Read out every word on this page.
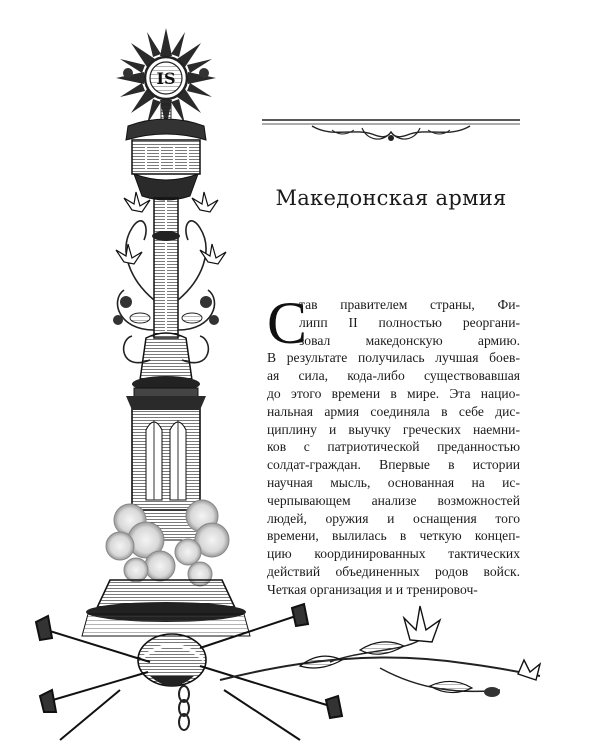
IS
Македонская армия
С
тав правителем страны, Фи-
липп II полностью реоргани-
зовал македонскую армию.
В результате получилась лучшая боев-
ая сила, кода-либо существовавшая
до этого времени в мире. Эта нацио-
нальная армия соединяла в себе дис-
циплину и выучку греческих наемни-
ков с патриотической преданностью
солдат-граждан. Впервые в истории
научная мысль, основанная на ис-
черпывающем анализе возможностей
людей, оружия и оснащения того
времени, вылилась в четкую концеп-
цию координированных тактических
действий объединенных родов войск.
Четкая организация и и тренировоч-
